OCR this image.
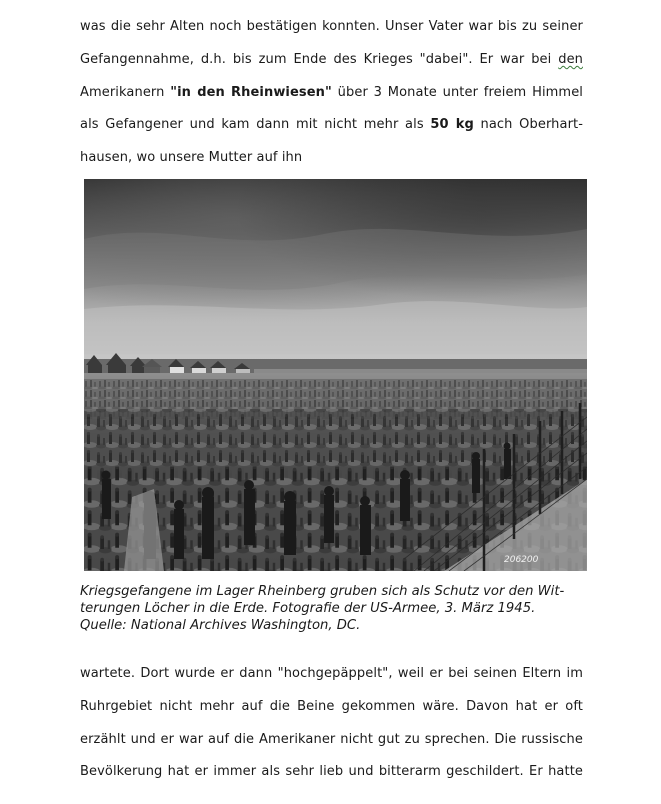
was die sehr Alten noch bestätigen konnten. Unser Vater war bis zu seiner
Gefangennahme, d.h. bis zum Ende des Krieges "dabei". Er war bei den
Amerikanern "in den Rheinwiesen" über 3 Monate unter freiem Himmel
als Gefangener und kam dann mit nicht mehr als 50 kg nach Oberhart-
hausen, wo unsere Mutter auf ihn
206200
Kriegsgefangene im Lager Rheinberg gruben sich als Schutz vor den Wit-
terungen Löcher in die Erde. Fotografie der US-Armee, 3. März 1945.
Quelle: National Archives Washington, DC.
wartete. Dort wurde er dann "hochgepäppelt", weil er bei seinen Eltern im
Ruhrgebiet nicht mehr auf die Beine gekommen wäre. Davon hat er oft
erzählt und er war auf die Amerikaner nicht gut zu sprechen. Die russische
Bevölkerung hat er immer als sehr lieb und bitterarm geschildert. Er hatte
